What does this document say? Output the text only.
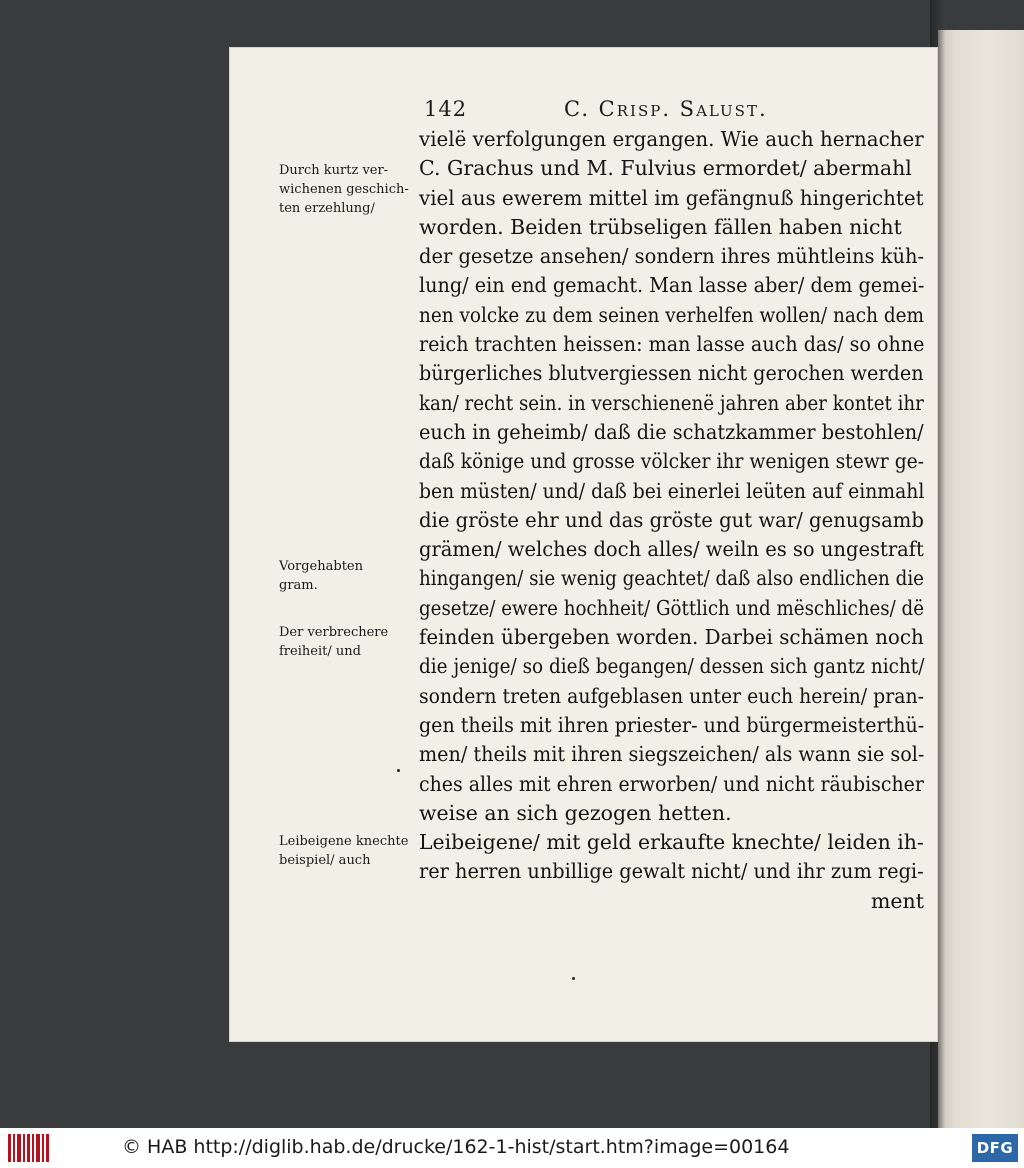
142	C. Crisp. Salust.
vielë verfolgungen ergangen. Wie auch hernacher
C. Grachus und M. Fulvius ermordet/ abermahl
viel aus ewerem mittel im gefängnuß hingerichtet
worden. Beiden trübseligen fällen haben nicht
der gesetze ansehen/ sondern ihres mühtleins küh-
lung/ ein end gemacht. Man lasse aber/ dem gemei-
nen volcke zu dem seinen verhelfen wollen/ nach dem
reich trachten heissen: man lasse auch das/ so ohne
bürgerliches blutvergiessen nicht gerochen werden
kan/ recht sein. in verschienenë jahren aber kontet ihr
euch in geheimb/ daß die schatzkammer bestohlen/
daß könige und grosse völcker ihr wenigen stewr ge-
ben müsten/ und/ daß bei einerlei leüten auf einmahl
die gröste ehr und das gröste gut war/ genugsamb
grämen/ welches doch alles/ weiln es so ungestraft
hingangen/ sie wenig geachtet/ daß also endlichen die
gesetze/ ewere hochheit/ Göttlich und mëschliches/ dë
feinden übergeben worden. Darbei schämen noch
die jenige/ so dieß begangen/ dessen sich gantz nicht/
sondern treten aufgeblasen unter euch herein/ pran-
gen theils mit ihren priester- und bürgermeisterthü-
men/ theils mit ihren siegszeichen/ als wann sie sol-
ches alles mit ehren erworben/ und nicht räubischer
weise an sich gezogen hetten.
Leibeigene/ mit geld erkaufte knechte/ leiden ih-
rer herren unbillige gewalt nicht/ und ihr zum regi-
ment
Durch kurtz ver-
wichenen geschich-
ten erzehlung/
Vorgehabten
gram.
Der verbrechere
freiheit/ und
Leibeigene knechte
beispiel/ auch
© HAB http://diglib.hab.de/drucke/162-1-hist/start.htm?image=00164	DFG
